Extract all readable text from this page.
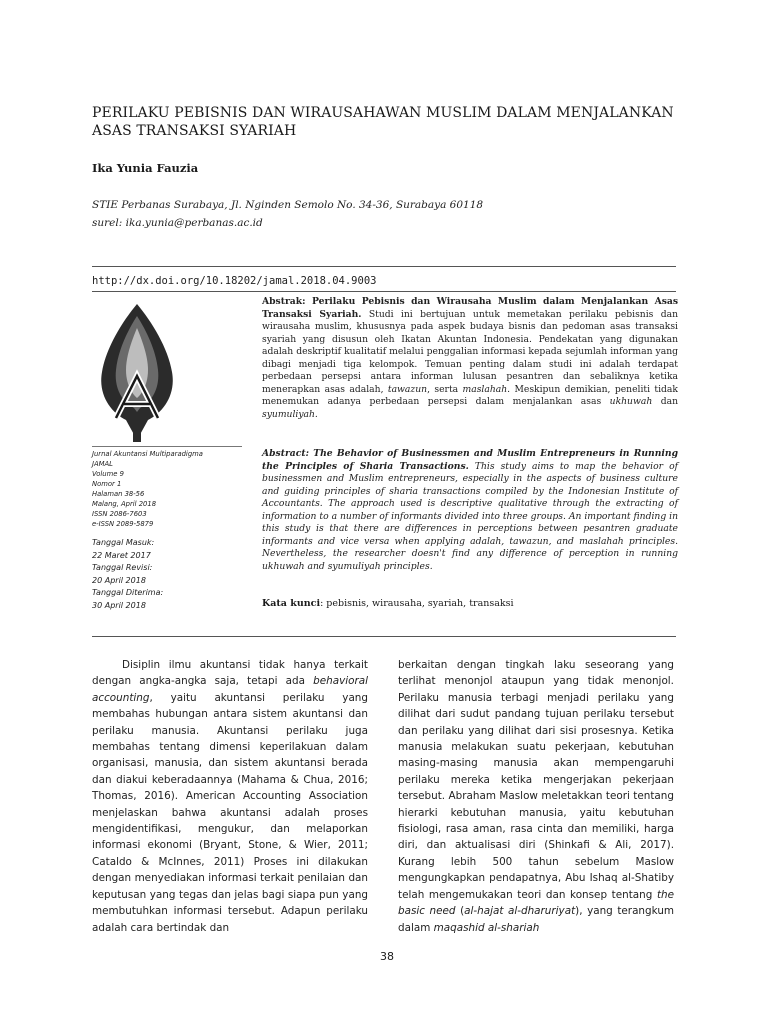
PERILAKU PEBISNIS DAN WIRAUSAHAWAN MUSLIM DALAM MENJALANKAN ASAS TRANSAKSI SYARIAH
Ika Yunia Fauzia
STIE Perbanas Surabaya, Jl. Nginden Semolo No. 34-36, Surabaya 60118
surel: ika.yunia@perbanas.ac.id
http://dx.doi.org/10.18202/jamal.2018.04.9003
Jurnal Akuntansi Multiparadigma
JAMAL
Volume 9
Nomor 1
Halaman 38-56
Malang, April 2018
ISSN 2086-7603
e-ISSN 2089-5879
Tanggal Masuk:
22 Maret 2017
Tanggal Revisi:
20 April 2018
Tanggal Diterima:
30 April 2018
Abstrak: Perilaku Pebisnis dan Wirausaha Muslim dalam Menjalankan Asas Transaksi Syariah. Studi ini bertujuan untuk memetakan perilaku pebisnis dan wirausaha muslim, khususnya pada aspek budaya bisnis dan pedoman asas transaksi syariah yang disusun oleh Ikatan Akuntan Indonesia. Pendekatan yang digunakan adalah deskriptif kualitatif melalui penggalian informasi kepada sejumlah informan yang dibagi menjadi tiga kelompok. Temuan penting dalam studi ini adalah terdapat perbedaan persepsi antara informan lulusan pesantren dan sebaliknya ketika menerapkan asas adalah, tawazun, serta maslahah. Meskipun demikian, peneliti tidak menemukan adanya perbedaan persepsi dalam menjalankan asas ukhuwah dan syumuliyah.
Abstract: The Behavior of Businessmen and Muslim Entrepreneurs in Running the Principles of Sharia Transactions. This study aims to map the behavior of businessmen and Muslim entrepreneurs, especially in the aspects of business culture and guiding principles of sharia transactions compiled by the Indonesian Institute of Accountants. The approach used is descriptive qualitative through the extracting of information to a number of informants divided into three groups. An important finding in this study is that there are differences in perceptions between pesantren graduate informants and vice versa when applying adalah, tawazun, and maslahah principles. Nevertheless, the researcher doesn't find any difference of perception in running ukhuwah and syumuliyah principles.
Kata kunci: pebisnis, wirausaha, syariah, transaksi
Disiplin ilmu akuntansi tidak hanya terkait dengan angka-angka saja, tetapi ada behavioral accounting, yaitu akuntansi perilaku yang membahas hubungan antara sistem akuntansi dan perilaku manusia. Akuntansi perilaku juga membahas tentang dimensi keperilakuan dalam organisasi, manusia, dan sistem akuntansi berada dan diakui keberadaannya (Mahama & Chua, 2016; Thomas, 2016). American Accounting Association menjelaskan bahwa akuntansi adalah proses mengidentifikasi, mengukur, dan melaporkan informasi ekonomi (Bryant, Stone, & Wier, 2011; Cataldo & McInnes, 2011) Proses ini dilakukan dengan menyediakan informasi terkait penilaian dan keputusan yang tegas dan jelas bagi siapa pun yang membutuhkan informasi tersebut. Adapun perilaku adalah cara bertindak dan
berkaitan dengan tingkah laku seseorang yang terlihat menonjol ataupun yang tidak menonjol. Perilaku manusia terbagi menjadi perilaku yang dilihat dari sudut pandang tujuan perilaku tersebut dan perilaku yang dilihat dari sisi prosesnya. Ketika manusia melakukan suatu pekerjaan, kebutuhan masing-masing manusia akan mempengaruhi perilaku mereka ketika mengerjakan pekerjaan tersebut. Abraham Maslow meletakkan teori tentang hierarki kebutuhan manusia, yaitu kebutuhan fisiologi, rasa aman, rasa cinta dan memiliki, harga diri, dan aktualisasi diri (Shinkafi & Ali, 2017). Kurang lebih 500 tahun sebelum Maslow mengungkapkan pendapatnya, Abu Ishaq al-Shatiby telah mengemukakan teori dan konsep tentang the basic need (al-hajat al-dharuriyat), yang terangkum dalam maqashid al-shariah
38
